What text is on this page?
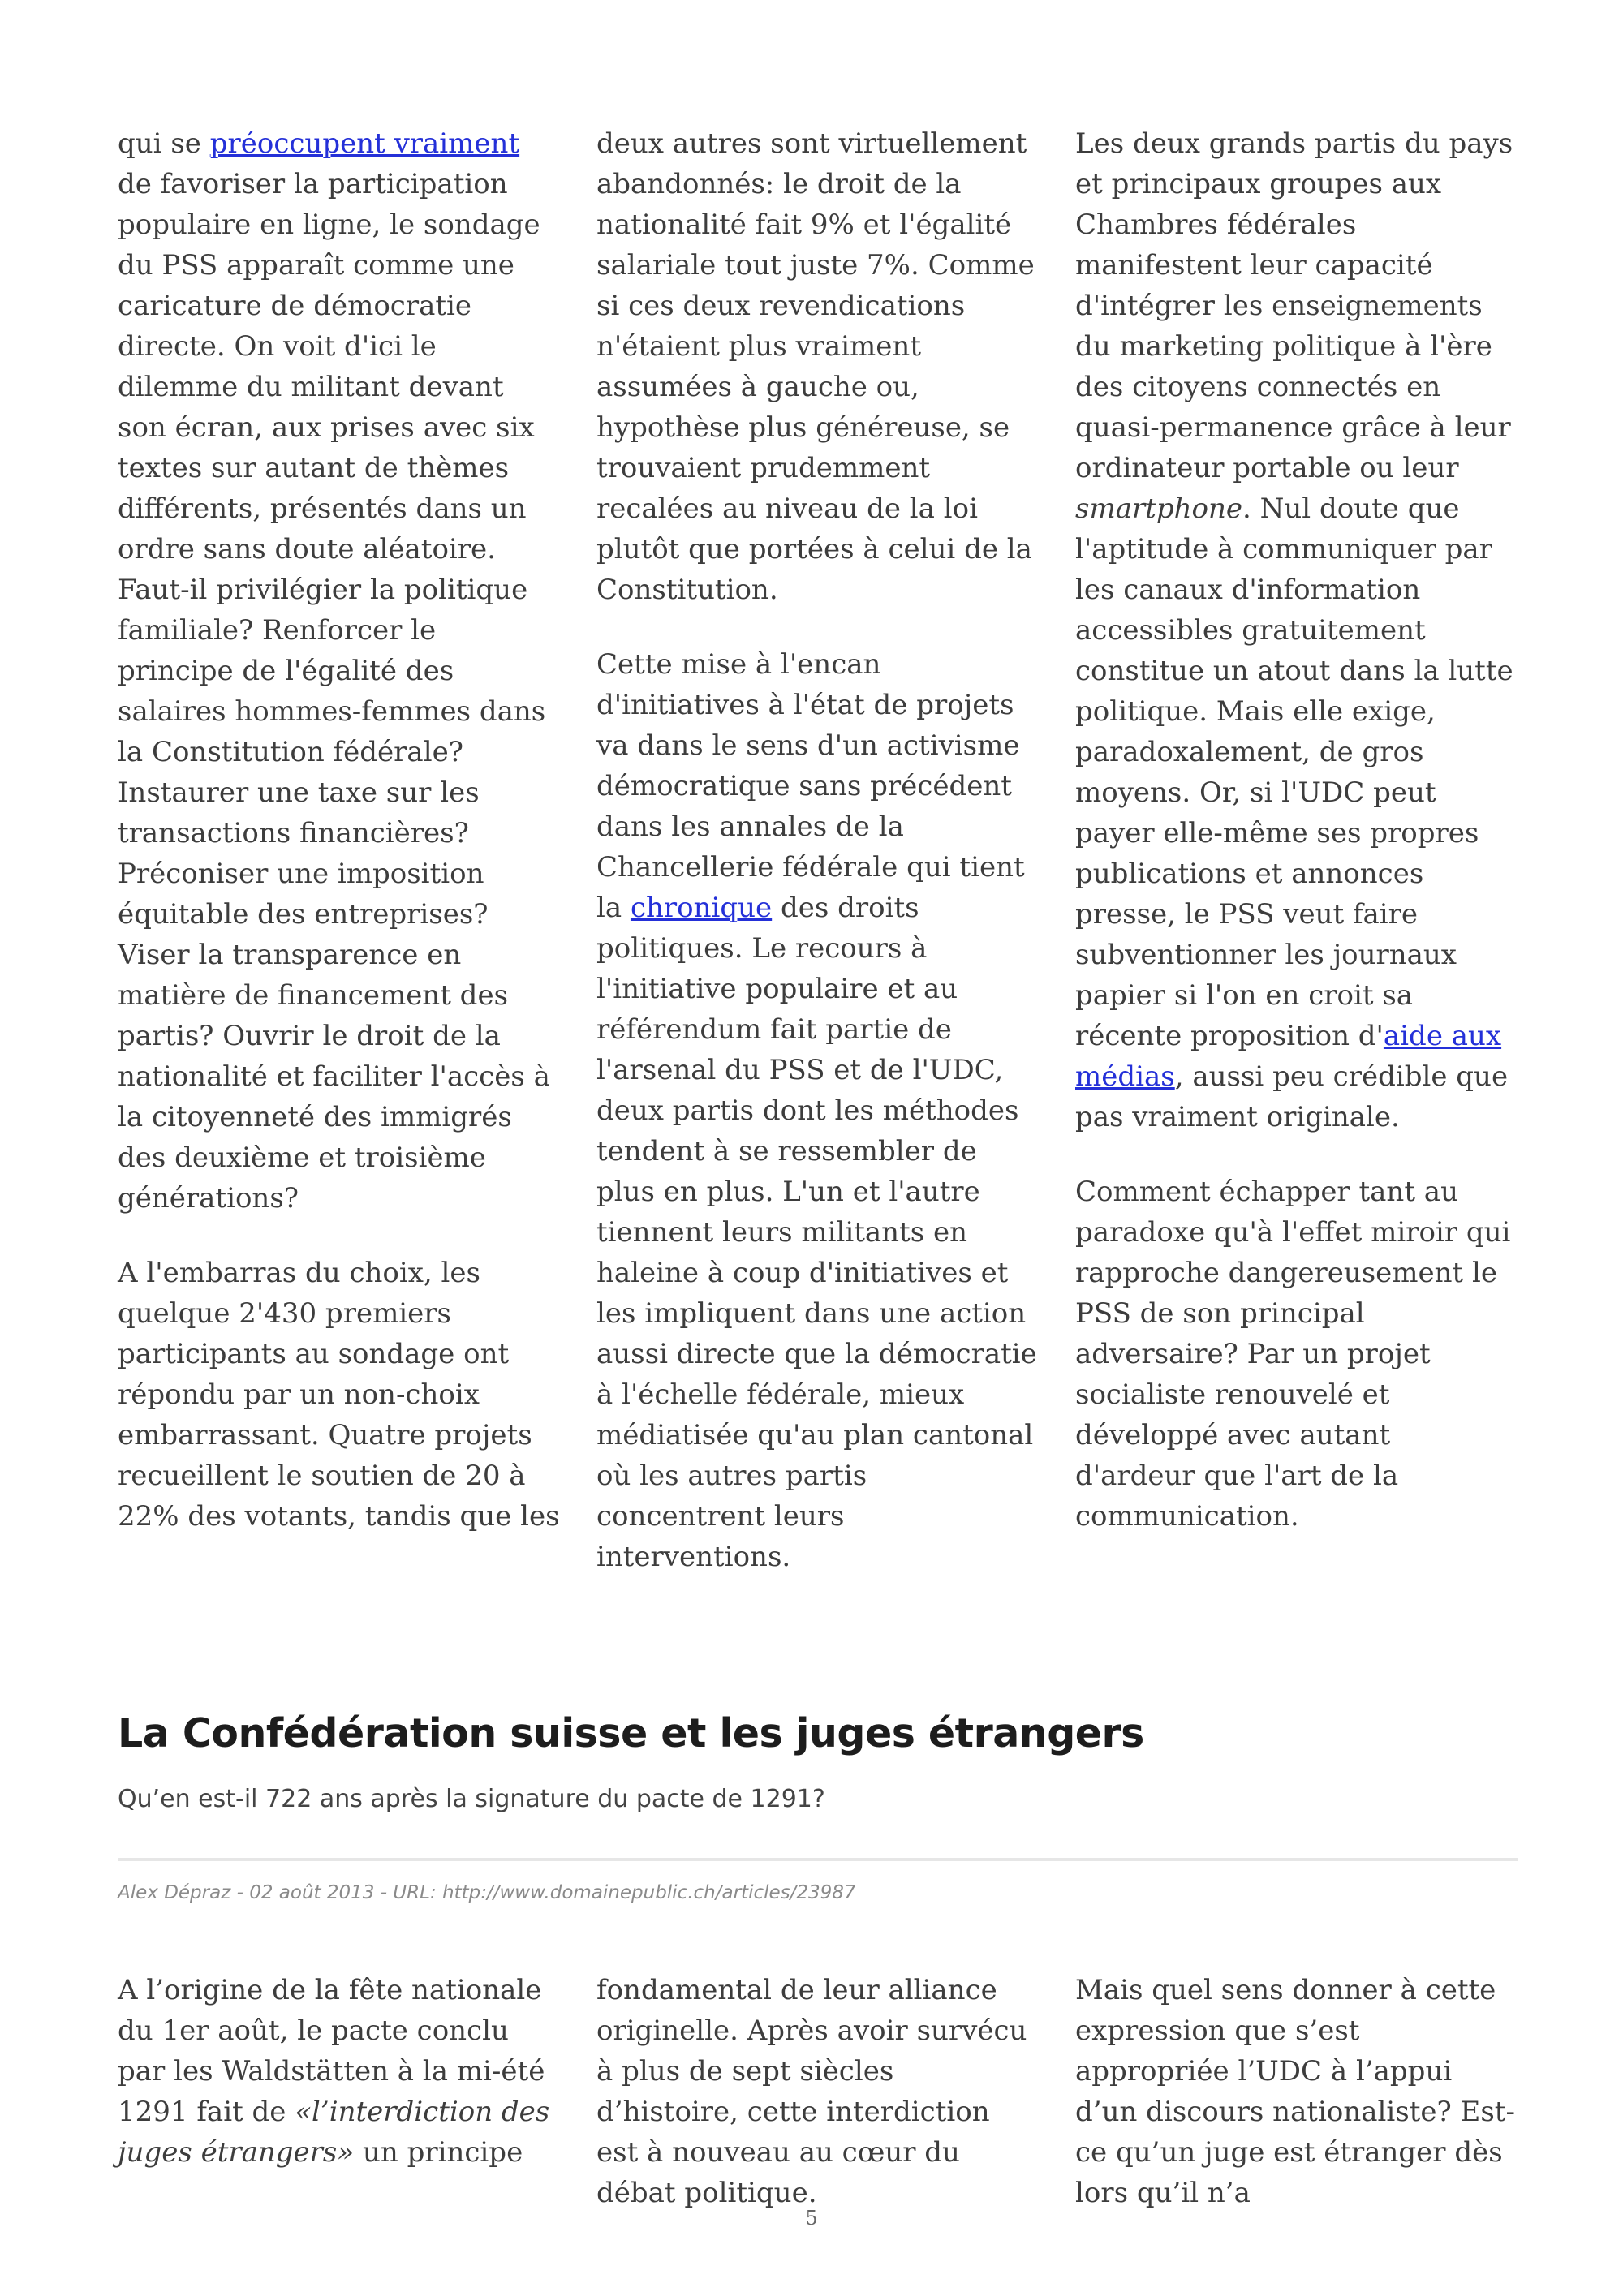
qui se préoccupent vraiment de favoriser la participation populaire en ligne, le sondage du PSS apparaît comme une caricature de démocratie directe. On voit d'ici le dilemme du militant devant son écran, aux prises avec six textes sur autant de thèmes différents, présentés dans un ordre sans doute aléatoire. Faut-il privilégier la politique familiale? Renforcer le principe de l'égalité des salaires hommes-femmes dans la Constitution fédérale? Instaurer une taxe sur les transactions financières? Préconiser une imposition équitable des entreprises? Viser la transparence en matière de financement des partis? Ouvrir le droit de la nationalité et faciliter l'accès à la citoyenneté des immigrés des deuxième et troisième générations?

A l'embarras du choix, les quelque 2'430 premiers participants au sondage ont répondu par un non-choix embarrassant. Quatre projets recueillent le soutien de 20 à 22% des votants, tandis que les

deux autres sont virtuellement abandonnés: le droit de la nationalité fait 9% et l'égalité salariale tout juste 7%. Comme si ces deux revendications n'étaient plus vraiment assumées à gauche ou, hypothèse plus généreuse, se trouvaient prudemment recalées au niveau de la loi plutôt que portées à celui de la Constitution.

Cette mise à l'encan d'initiatives à l'état de projets va dans le sens d'un activisme démocratique sans précédent dans les annales de la Chancellerie fédérale qui tient la chronique des droits politiques. Le recours à l'initiative populaire et au référendum fait partie de l'arsenal du PSS et de l'UDC, deux partis dont les méthodes tendent à se ressembler de plus en plus. L'un et l'autre tiennent leurs militants en haleine à coup d'initiatives et les impliquent dans une action aussi directe que la démocratie à l'échelle fédérale, mieux médiatisée qu'au plan cantonal où les autres partis concentrent leurs interventions.

Les deux grands partis du pays et principaux groupes aux Chambres fédérales manifestent leur capacité d'intégrer les enseignements du marketing politique à l'ère des citoyens connectés en quasi-permanence grâce à leur ordinateur portable ou leur smartphone. Nul doute que l'aptitude à communiquer par les canaux d'information accessibles gratuitement constitue un atout dans la lutte politique. Mais elle exige, paradoxalement, de gros moyens. Or, si l'UDC peut payer elle-même ses propres publications et annonces presse, le PSS veut faire subventionner les journaux papier si l'on en croit sa récente proposition d'aide aux médias, aussi peu crédible que pas vraiment originale.

Comment échapper tant au paradoxe qu'à l'effet miroir qui rapproche dangereusement le PSS de son principal adversaire? Par un projet socialiste renouvelé et développé avec autant d'ardeur que l'art de la communication.

La Confédération suisse et les juges étrangers

Qu’en est-il 722 ans après la signature du pacte de 1291?

Alex Dépraz - 02 août 2013 - URL: http://www.domainepublic.ch/articles/23987

A l’origine de la fête nationale du 1er août, le pacte conclu par les Waldstätten à la mi-été 1291 fait de «l’interdiction des juges étrangers» un principe

fondamental de leur alliance originelle. Après avoir survécu à plus de sept siècles d’histoire, cette interdiction est à nouveau au cœur du débat politique.

Mais quel sens donner à cette expression que s’est appropriée l’UDC à l’appui d’un discours nationaliste? Est-ce qu’un juge est étranger dès lors qu’il n’a

5
